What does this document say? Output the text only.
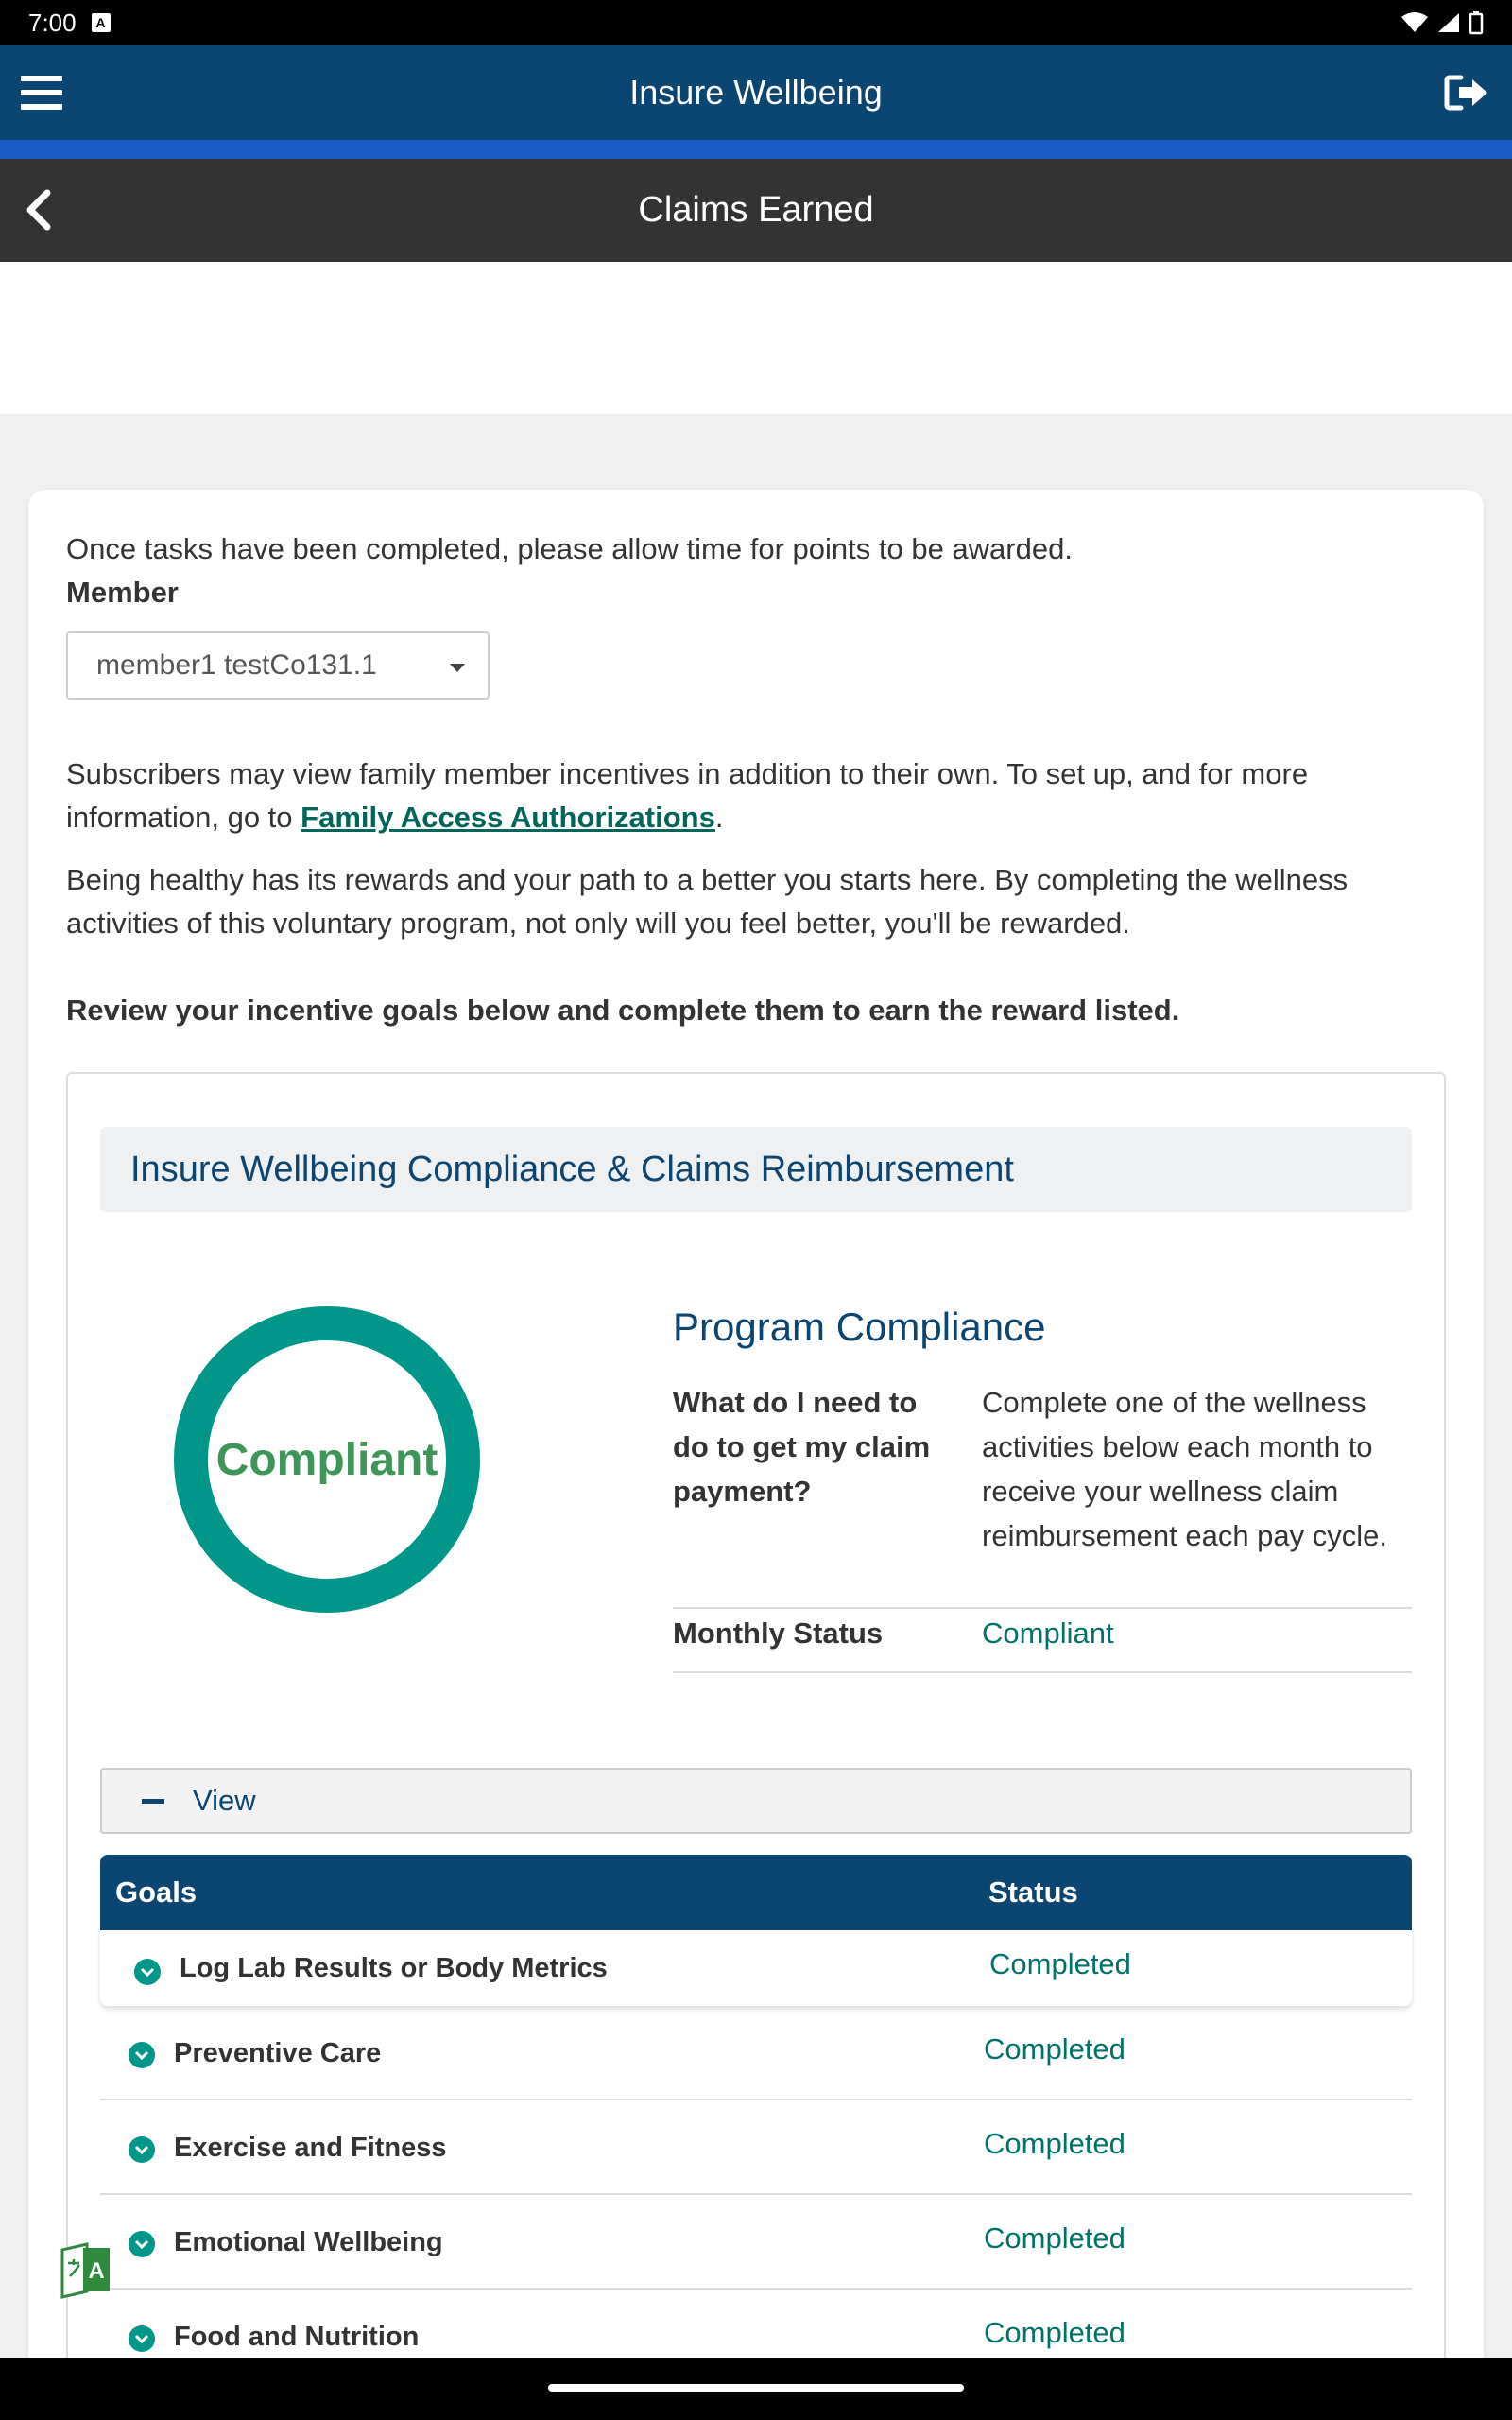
7:00	A
Insure Wellbeing
Claims Earned
Once tasks have been completed, please allow time for points to be awarded.
Member
member1 testCo131.1
Subscribers may view family member incentives in addition to their own. To set up, and for more
information, go to Family Access Authorizations.
Being healthy has its rewards and your path to a better you starts here. By completing the wellness
activities of this voluntary program, not only will you feel better, you'll be rewarded.
Review your incentive goals below and complete them to earn the reward listed.
Insure Wellbeing Compliance & Claims Reimbursement
Compliant
Program Compliance
What do I need to do to get my claim payment?
Complete one of the wellness activities below each month to receive your wellness claim reimbursement each pay cycle.
Monthly Status	Compliant
View
Goals	Status
Log Lab Results or Body Metrics	Completed
Preventive Care	Completed
Exercise and Fitness	Completed
Emotional Wellbeing	Completed
Food and Nutrition	Completed
A
